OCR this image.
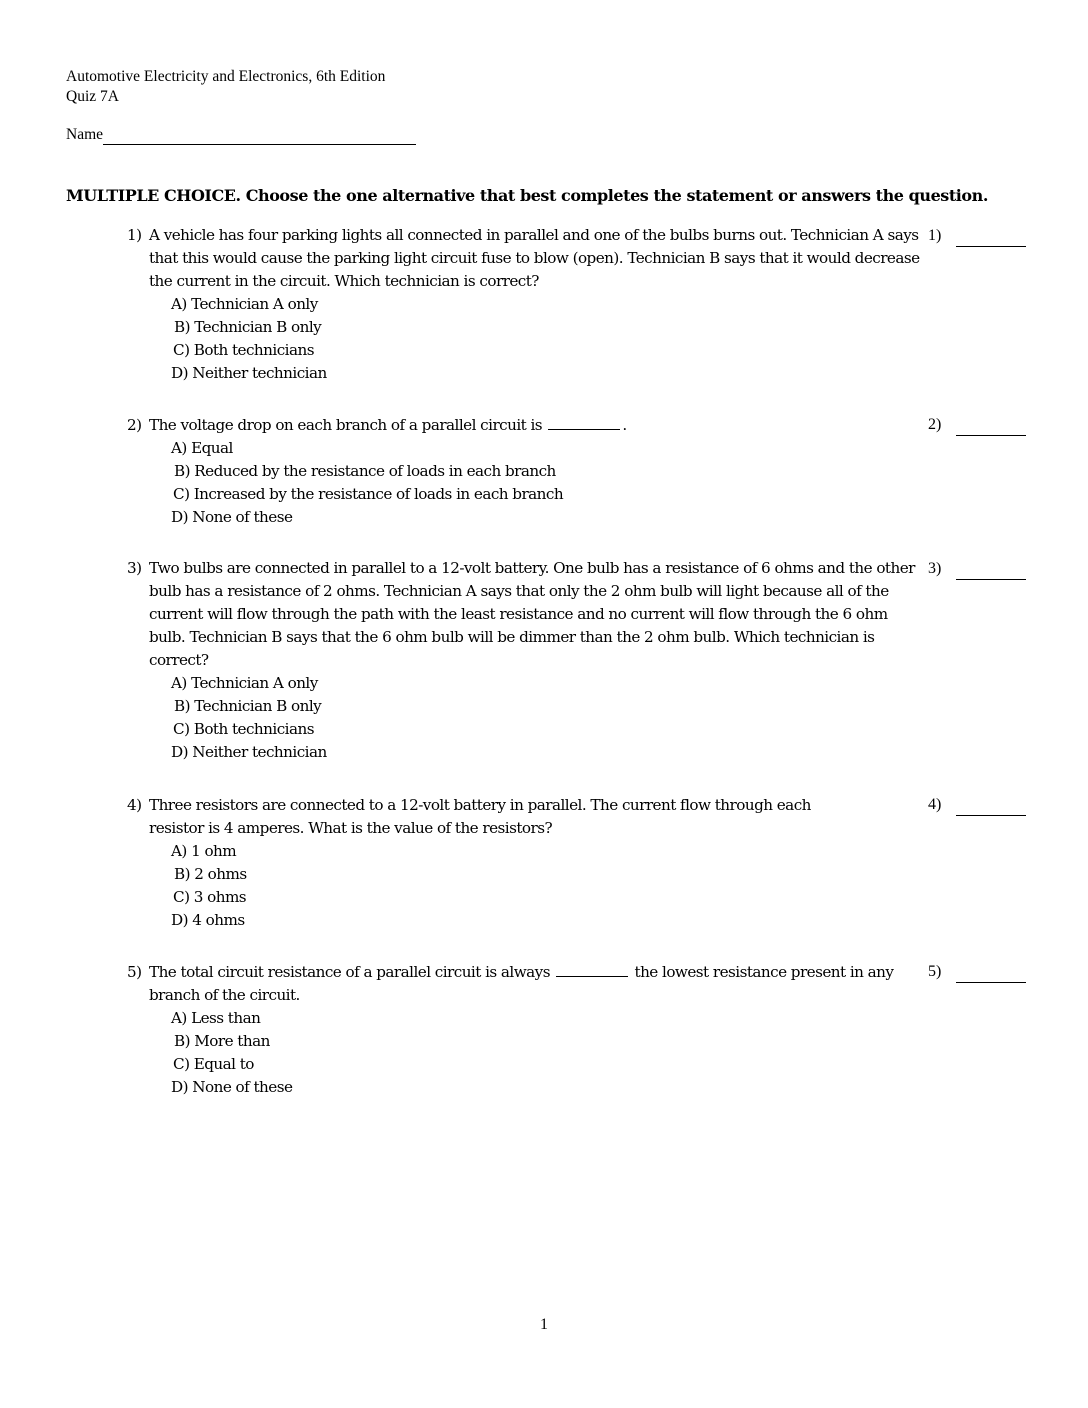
Automotive Electricity and Electronics, 6th Edition
Quiz 7A
Name
MULTIPLE CHOICE. Choose the one alternative that best completes the statement or answers the question.
1) A vehicle has four parking lights all connected in parallel and one of the bulbs burns out. Technician A says that this would cause the parking light circuit fuse to blow (open). Technician B says that it would decrease the current in the circuit. Which technician is correct?
A) Technician A only
B) Technician B only
C) Both technicians
D) Neither technician
1)
2) The voltage drop on each branch of a parallel circuit is	.
A) Equal
B) Reduced by the resistance of loads in each branch
C) Increased by the resistance of loads in each branch
D) None of these
2)
3) Two bulbs are connected in parallel to a 12-volt battery. One bulb has a resistance of 6 ohms and the other bulb has a resistance of 2 ohms. Technician A says that only the 2 ohm bulb will light because all of the current will flow through the path with the least resistance and no current will flow through the 6 ohm bulb. Technician B says that the 6 ohm bulb will be dimmer than the 2 ohm bulb. Which technician is correct?
A) Technician A only
B) Technician B only
C) Both technicians
D) Neither technician
3)
4) Three resistors are connected to a 12-volt battery in parallel. The current flow through each resistor is 4 amperes. What is the value of the resistors?
A) 1 ohm
B) 2 ohms
C) 3 ohms
D) 4 ohms
4)
5) The total circuit resistance of a parallel circuit is always	the lowest resistance present in any branch of the circuit.
A) Less than
B) More than
C) Equal to
D) None of these
5)
1
